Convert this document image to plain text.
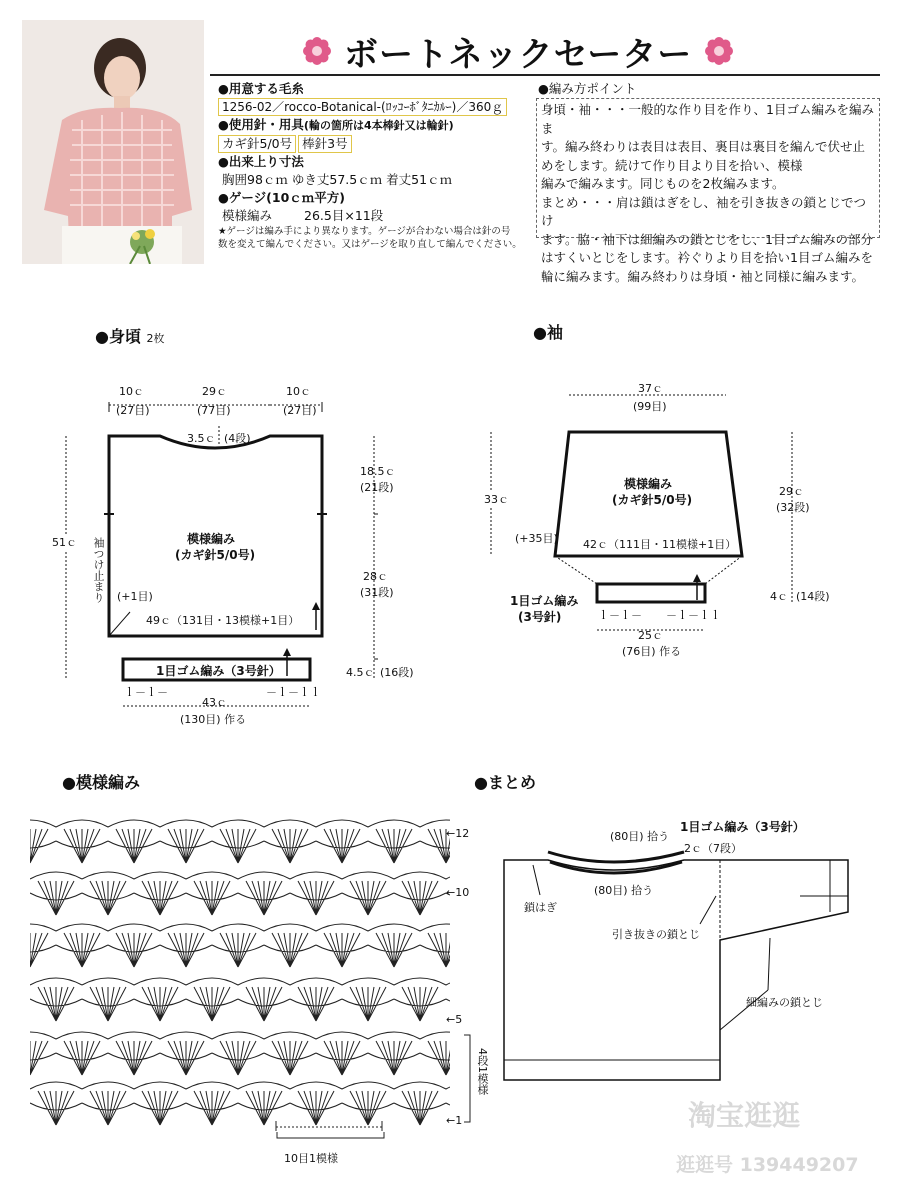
ボートネックセーター
●用意する毛糸
1256-02／rocco-Botanical-(ﾛｯｺｰﾎﾞﾀﾆｶﾙｰ)／360ｇ
●使用針・用具(輪の箇所は4本棒針又は輪針)
カギ針5/0号 棒針3号
●出来上り寸法
胸囲98ｃｍ ゆき丈57.5ｃｍ 着丈51ｃｍ
●ゲージ(10ｃｍ平方)
模様編み	26.5目×11段
★ゲージは編み手により異なります。ゲージが合わない場合は針の号
数を変えて編んでください。又はゲージを取り直して編んでください。
●編み方ポイント
身頃・袖・・・一般的な作り目を作り、1目ゴム編みを編みま
す。編み終わりは表目は表目、裏目は裏目を編んで伏せ止
めをします。続けて作り目より目を拾い、模様
編みで編みます。同じものを2枚編みます。
まとめ・・・肩は鎖はぎをし、袖を引き抜きの鎖とじでつけ
ます。脇・袖下は細編みの鎖とじをし、1目ゴム編みの部分
はすくいとじをします。衿ぐりより目を拾い1目ゴム編みを
輪に編みます。編み終わりは身頃・袖と同様に編みます。
●身頃 2枚
10ｃ
(27目)
29ｃ
(77目)
10ｃ
(27目)
3.5ｃ (4段)
模様編み
(カギ針5/0号)
51ｃ 袖つけ止まり
18.5ｃ
(21段)
28ｃ
(31段)
(+1目)
49ｃ（131目・13模様+1目）
1目ゴム編み（3号針）	4.5ｃ (16段)
ｌ－ｌ－	－ｌ－ｌｌ
43ｃ
(130目) 作る
●袖
37ｃ
(99目)
33ｃ
模様編み
(カギ針5/0号)
29ｃ
(32段)
(+35目) 42ｃ（111目・11模様+1目）
1目ゴム編み
(3号針)
4ｃ (14段)
ｌ－ｌ－ －ｌ－ｌｌ
25ｃ
(76目) 作る
●模様編み
←12
←10
←5
←1
4段1模様
10目1模様
●まとめ
1目ゴム編み（3号針）
(80目) 拾う
2ｃ（7段）
(80目) 拾う
鎖はぎ
引き抜きの鎖とじ
細編みの鎖とじ
淘宝逛逛
逛逛号 139449207
